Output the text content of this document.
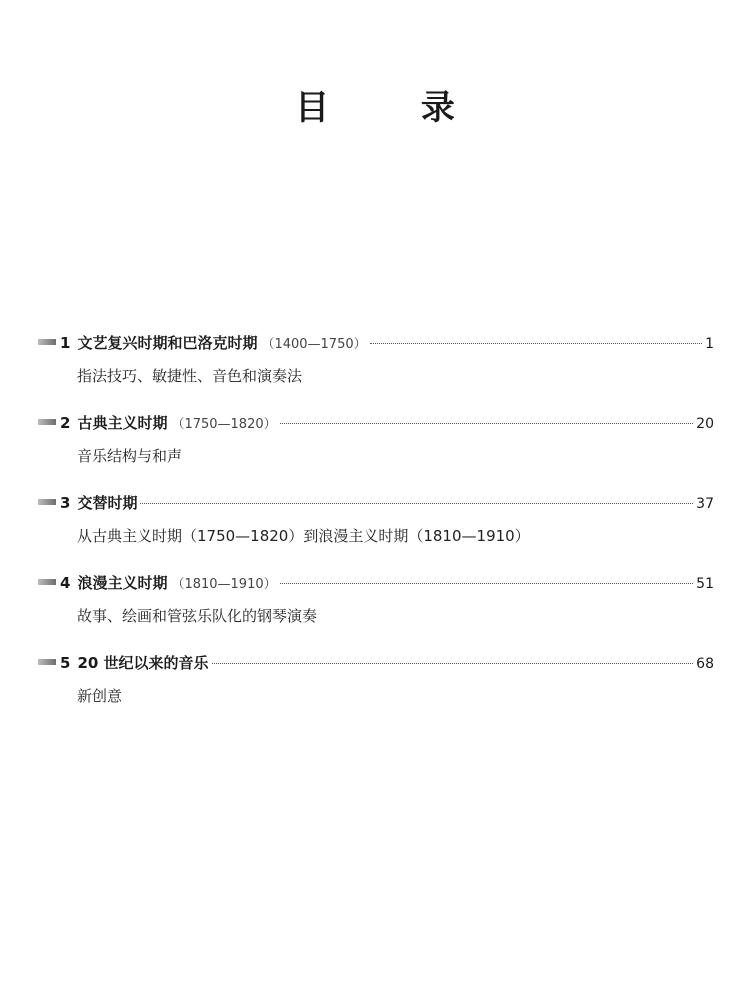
目 录
1 文艺复兴时期和巴洛克时期 （1400—1750）	1
指法技巧、敏捷性、音色和演奏法
2 古典主义时期 （1750—1820）	20
音乐结构与和声
3 交替时期	37
从古典主义时期（1750—1820）到浪漫主义时期（1810—1910）
4 浪漫主义时期 （1810—1910）	51
故事、绘画和管弦乐队化的钢琴演奏
5 20 世纪以来的音乐	68
新创意
